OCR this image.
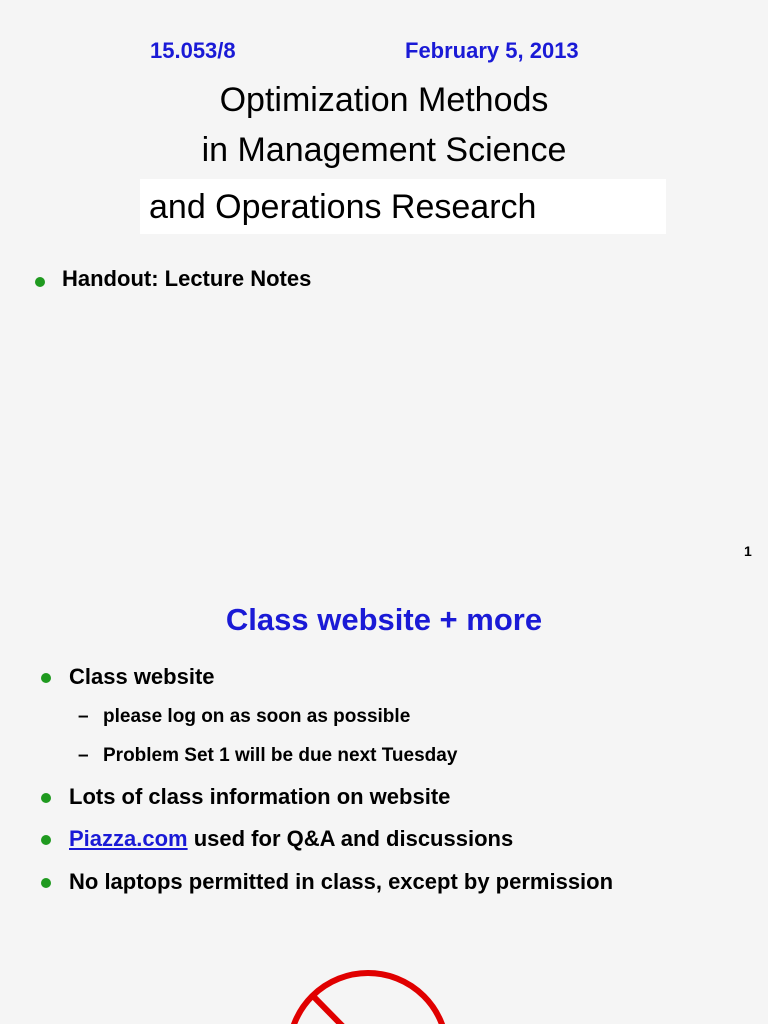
15.053/8	February 5, 2013
Optimization Methods
in Management Science
and Operations Research
Handout: Lecture Notes
1
Class website + more
Class website
– please log on as soon as possible
– Problem Set 1 will be due next Tuesday
Lots of class information on website
Piazza.com used for Q&A and discussions
No laptops permitted in class, except by permission
